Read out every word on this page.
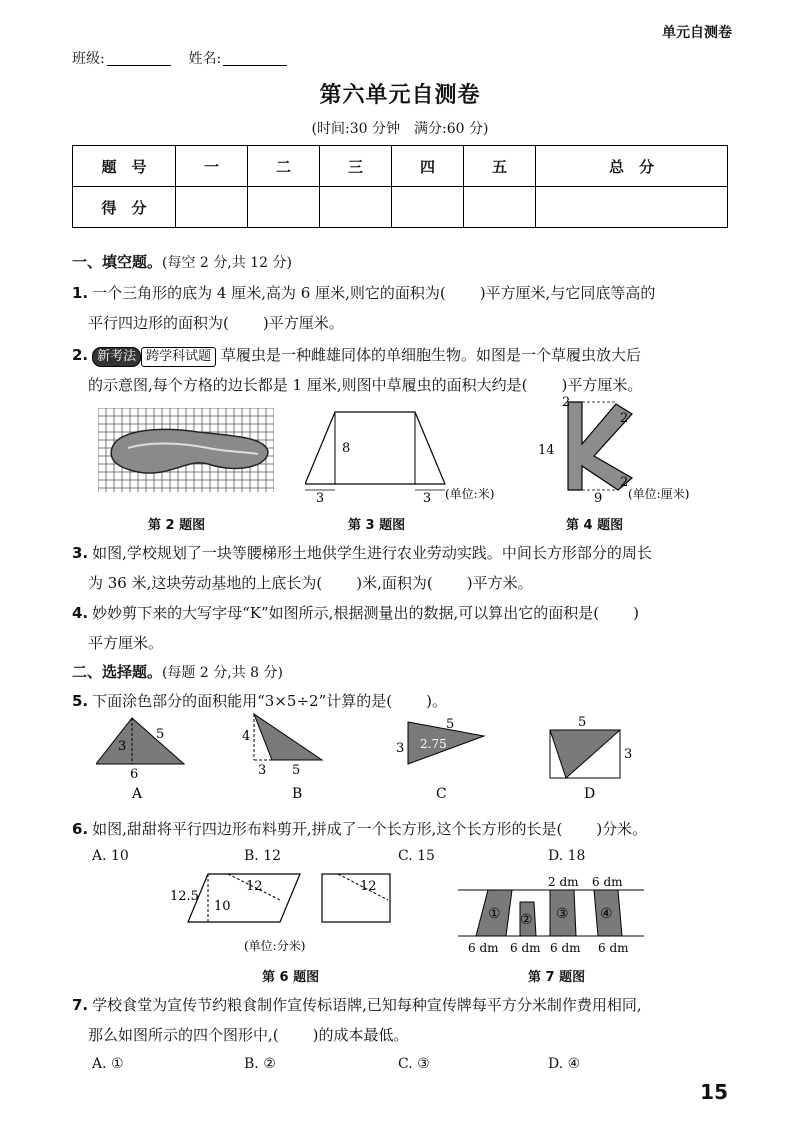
单元自测卷
班级:	姓名:
第六单元自测卷
(时间:30 分钟　满分:60 分)
题　号	一	二	三	四	五	总　分
得　分						
一、填空题。(每空 2 分,共 12 分)
1. 一个三角形的底为 4 厘米,高为 6 厘米,则它的面积为( )平方厘米,与它同底等高的
平行四边形的面积为( )平方厘米。
2. 新考法 跨学科试题 草履虫是一种雌雄同体的单细胞生物。如图是一个草履虫放大后
的示意图,每个方格的边长都是 1 厘米,则图中草履虫的面积大约是( )平方厘米。
第 2 题图
8
3	3 (单位:米)
第 3 题图
2
2
14
2
9 (单位:厘米)
第 4 题图
3. 如图,学校规划了一块等腰梯形土地供学生进行农业劳动实践。中间长方形部分的周长
为 36 米,这块劳动基地的上底长为( )米,面积为( )平方米。
4. 妙妙剪下来的大写字母“K”如图所示,根据测量出的数据,可以算出它的面积是( )
平方厘米。
二、选择题。(每题 2 分,共 8 分)
5. 下面涂色部分的面积能用“3×5÷2”计算的是( )。
3
5
6
A
4
3 5
B
3 2.75
5
C
5
3
D
6. 如图,甜甜将平行四边形布料剪开,拼成了一个长方形,这个长方形的长是( )分米。
A. 10	B. 12	C. 15	D. 18
12.5
10
12	12
(单位:分米)
第 6 题图
2 dm 6 dm
① ② ③ ④
6 dm 6 dm 6 dm 6 dm
第 7 题图
7. 学校食堂为宣传节约粮食制作宣传标语牌,已知每种宣传牌每平方分米制作费用相同,
那么如图所示的四个图形中,( )的成本最低。
A. ①	B. ②	C. ③	D. ④
15
